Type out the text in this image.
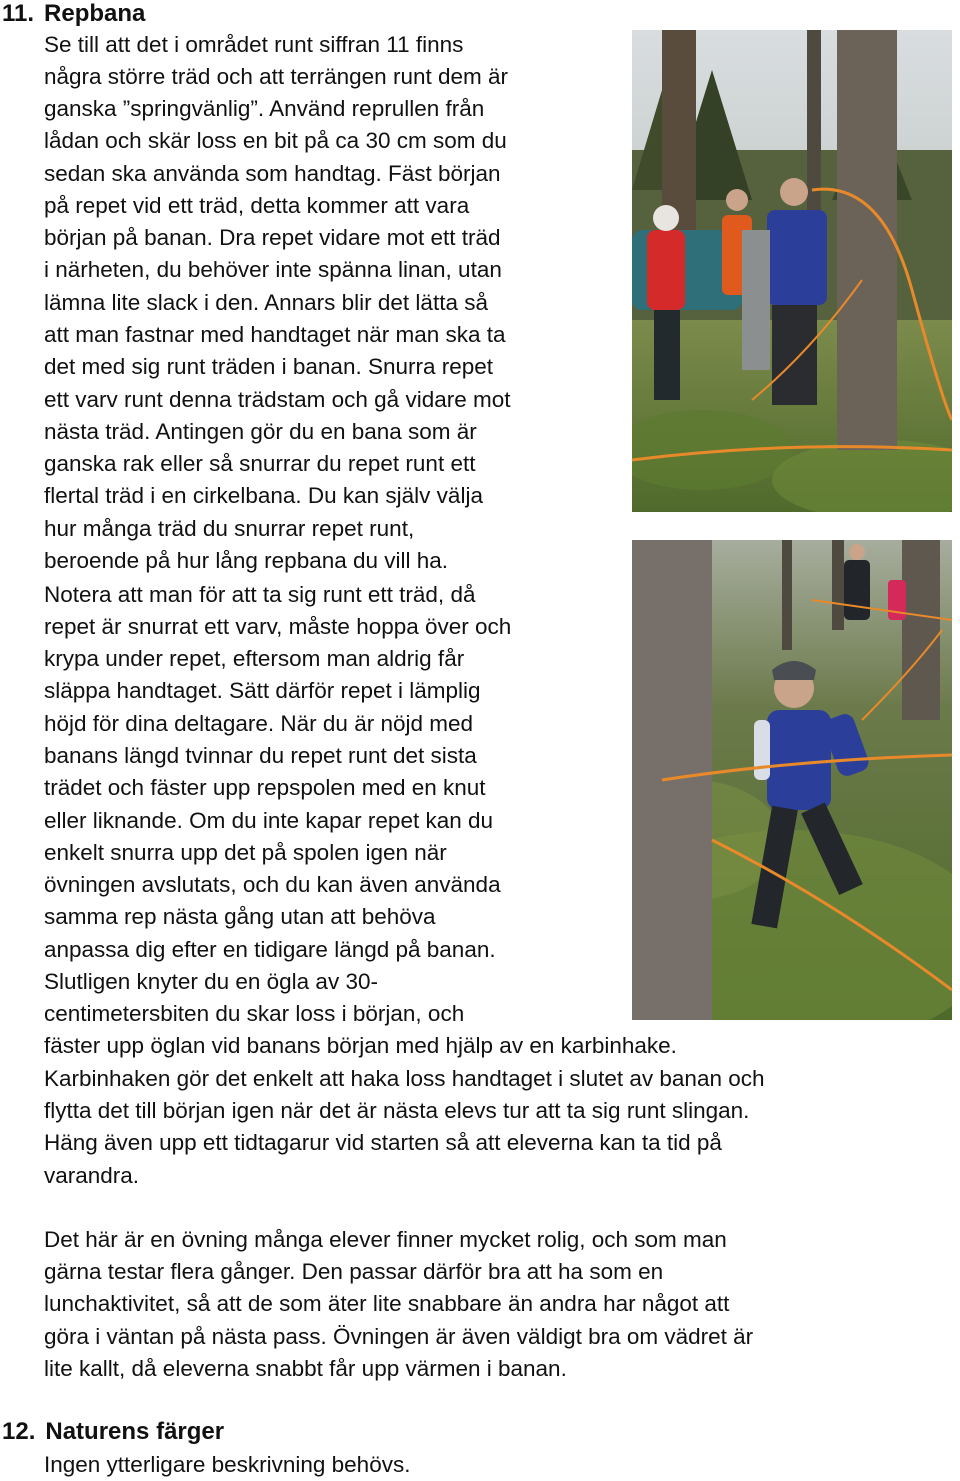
11. Repbana
Se till att det i området runt siffran 11 finns
några större träd och att terrängen runt dem är
ganska ”springvänlig”. Använd reprullen från
lådan och skär loss en bit på ca 30 cm som du
sedan ska använda som handtag. Fäst början
på repet vid ett träd, detta kommer att vara
början på banan. Dra repet vidare mot ett träd
i närheten, du behöver inte spänna linan, utan
lämna lite slack i den. Annars blir det lätta så
att man fastnar med handtaget när man ska ta
det med sig runt träden i banan. Snurra repet
ett varv runt denna trädstam och gå vidare mot
nästa träd. Antingen gör du en bana som är
ganska rak eller så snurrar du repet runt ett
flertal träd i en cirkelbana. Du kan själv välja
hur många träd du snurrar repet runt,
beroende på hur lång repbana du vill ha.
Notera att man för att ta sig runt ett träd, då
repet är snurrat ett varv, måste hoppa över och
krypa under repet, eftersom man aldrig får
släppa handtaget. Sätt därför repet i lämplig
höjd för dina deltagare. När du är nöjd med
banans längd tvinnar du repet runt det sista
trädet och fäster upp repspolen med en knut
eller liknande. Om du inte kapar repet kan du
enkelt snurra upp det på spolen igen när
övningen avslutats, och du kan även använda
samma rep nästa gång utan att behöva
anpassa dig efter en tidigare längd på banan.
Slutligen knyter du en ögla av 30-
centimetersbiten du skar loss i början, och
fäster upp öglan vid banans början med hjälp av en karbinhake.
Karbinhaken gör det enkelt att haka loss handtaget i slutet av banan och
flytta det till början igen när det är nästa elevs tur att ta sig runt slingan.
Häng även upp ett tidtagarur vid starten så att eleverna kan ta tid på
varandra.
Det här är en övning många elever finner mycket rolig, och som man
gärna testar flera gånger. Den passar därför bra att ha som en
lunchaktivitet, så att de som äter lite snabbare än andra har något att
göra i väntan på nästa pass. Övningen är även väldigt bra om vädret är
lite kallt, då eleverna snabbt får upp värmen i banan.
12. Naturens färger
Ingen ytterligare beskrivning behövs.
